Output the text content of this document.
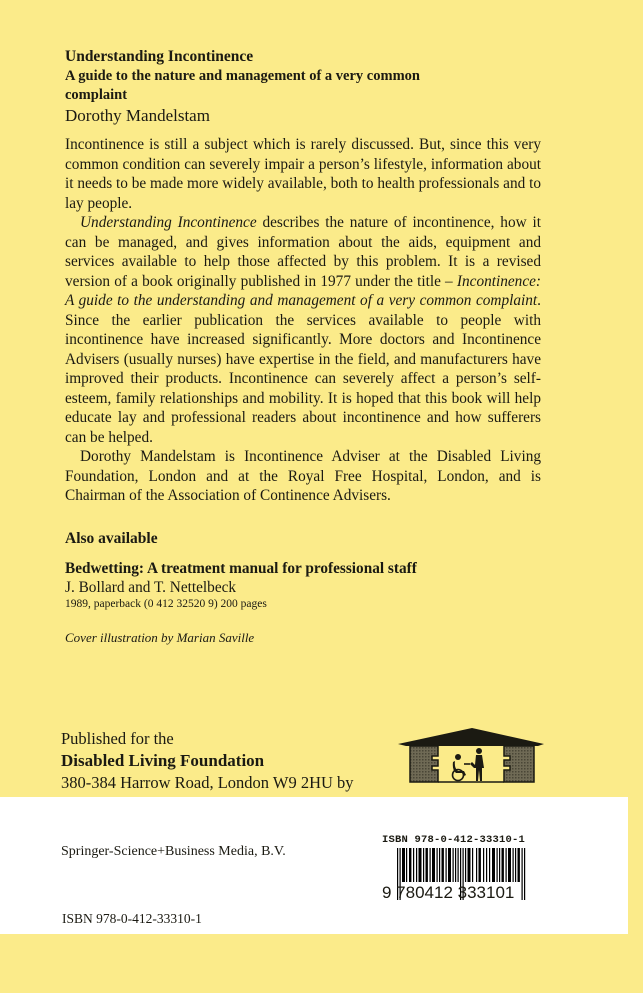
Understanding Incontinence

A guide to the nature and management of a very common complaint

Dorothy Mandelstam

Incontinence is still a subject which is rarely discussed. But, since this very common condition can severely impair a person’s lifestyle, information about it needs to be made more widely available, both to health professionals and to lay people.

Understanding Incontinence describes the nature of incontinence, how it can be managed, and gives information about the aids, equipment and services available to help those affected by this problem. It is a revised version of a book originally published in 1977 under the title – Incontinence: A guide to the understanding and management of a very common complaint. Since the earlier publication the services available to people with incontinence have increased significantly. More doctors and Incontinence Advisers (usually nurses) have expertise in the field, and manufacturers have improved their products. Incontinence can severely affect a person’s self-esteem, family relationships and mobility. It is hoped that this book will help educate lay and professional readers about incontinence and how sufferers can be helped.

Dorothy Mandelstam is Incontinence Adviser at the Disabled Living Foundation, London and at the Royal Free Hospital, London, and is Chairman of the Association of Continence Advisers.

Also available

Bedwetting: A treatment manual for professional staff

J. Bollard and T. Nettelbeck

1989, paperback (0 412 32520 9) 200 pages

Cover illustration by Marian Saville

Published for the

Disabled Living Foundation

380-384 Harrow Road, London W9 2HU by

Springer-Science+Business Media, B.V.
ISBN 978-0-412-33310-1
ISBN 978-0-412-33310-1
9 780412 333101
